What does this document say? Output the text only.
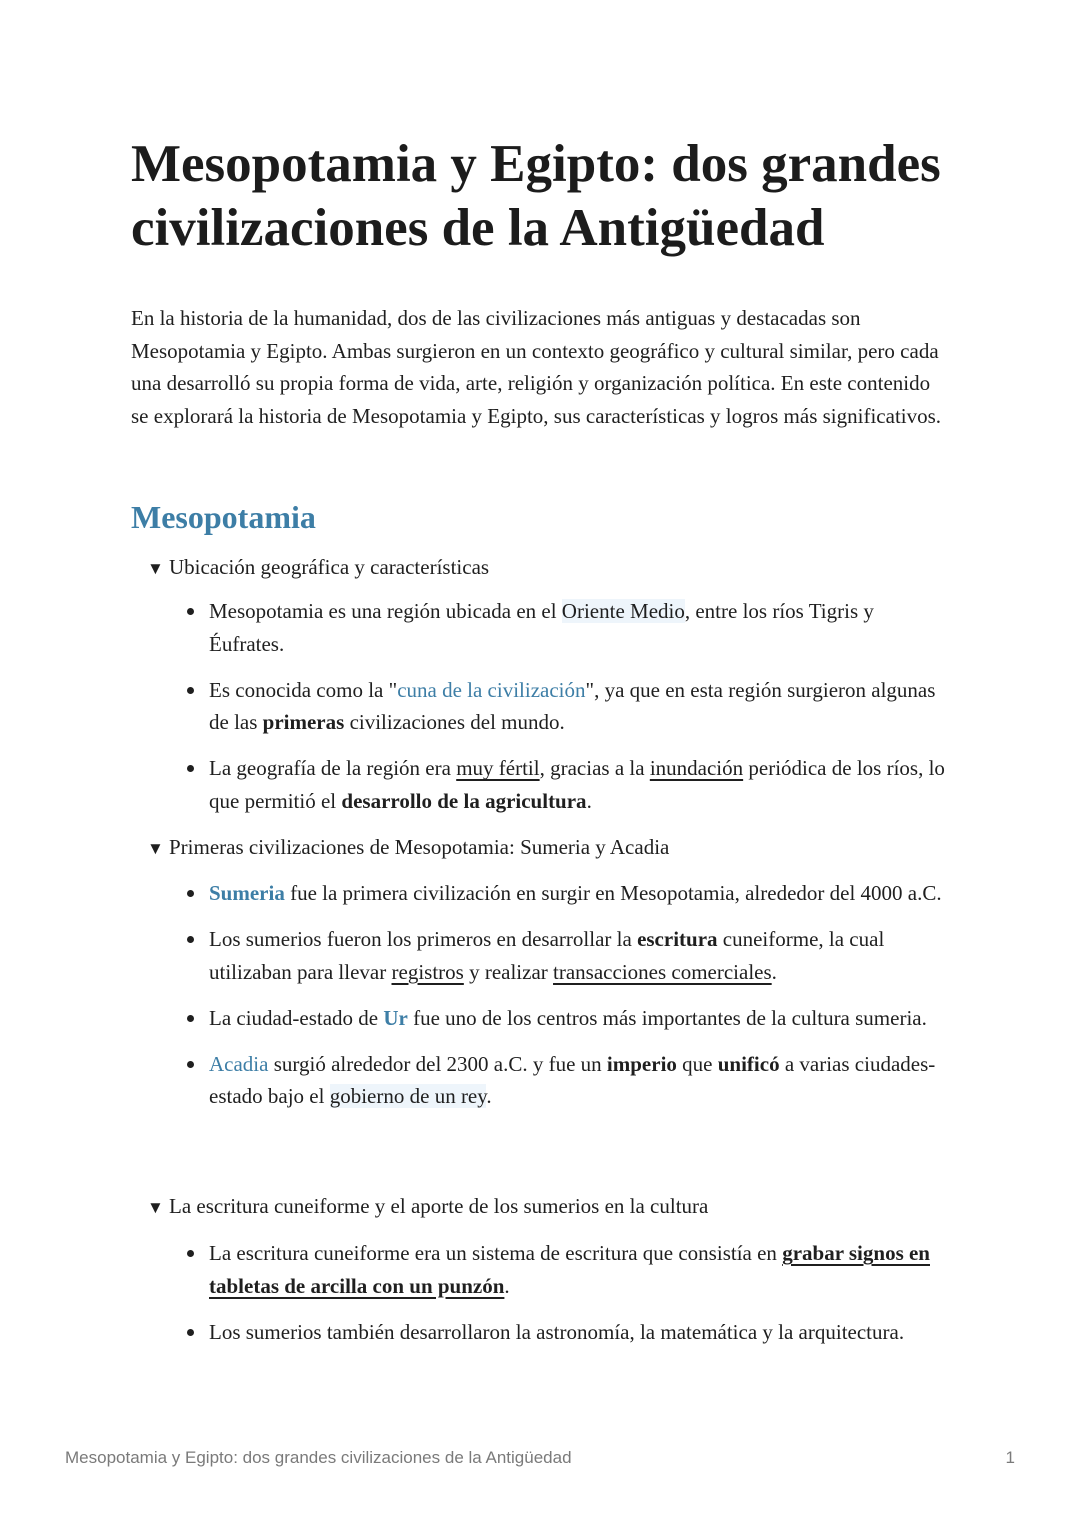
Mesopotamia y Egipto: dos grandes civilizaciones de la Antigüedad

En la historia de la humanidad, dos de las civilizaciones más antiguas y destacadas son Mesopotamia y Egipto. Ambas surgieron en un contexto geográfico y cultural similar, pero cada una desarrolló su propia forma de vida, arte, religión y organización política. En este contenido se explorará la historia de Mesopotamia y Egipto, sus características y logros más significativos.

Mesopotamia
▼ Ubicación geográfica y características
Mesopotamia es una región ubicada en el Oriente Medio, entre los ríos Tigris y Éufrates.
Es conocida como la "cuna de la civilización", ya que en esta región surgieron algunas de las primeras civilizaciones del mundo.
La geografía de la región era muy fértil, gracias a la inundación periódica de los ríos, lo que permitió el desarrollo de la agricultura.
▼ Primeras civilizaciones de Mesopotamia: Sumeria y Acadia
Sumeria fue la primera civilización en surgir en Mesopotamia, alrededor del 4000 a.C.
Los sumerios fueron los primeros en desarrollar la escritura cuneiforme, la cual utilizaban para llevar registros y realizar transacciones comerciales.
La ciudad-estado de Ur fue uno de los centros más importantes de la cultura sumeria.
Acadia surgió alrededor del 2300 a.C. y fue un imperio que unificó a varias ciudades-estado bajo el gobierno de un rey.
▼ La escritura cuneiforme y el aporte de los sumerios en la cultura
La escritura cuneiforme era un sistema de escritura que consistía en grabar signos en tabletas de arcilla con un punzón.
Los sumerios también desarrollaron la astronomía, la matemática y la arquitectura.
Mesopotamia y Egipto: dos grandes civilizaciones de la Antigüedad	1
